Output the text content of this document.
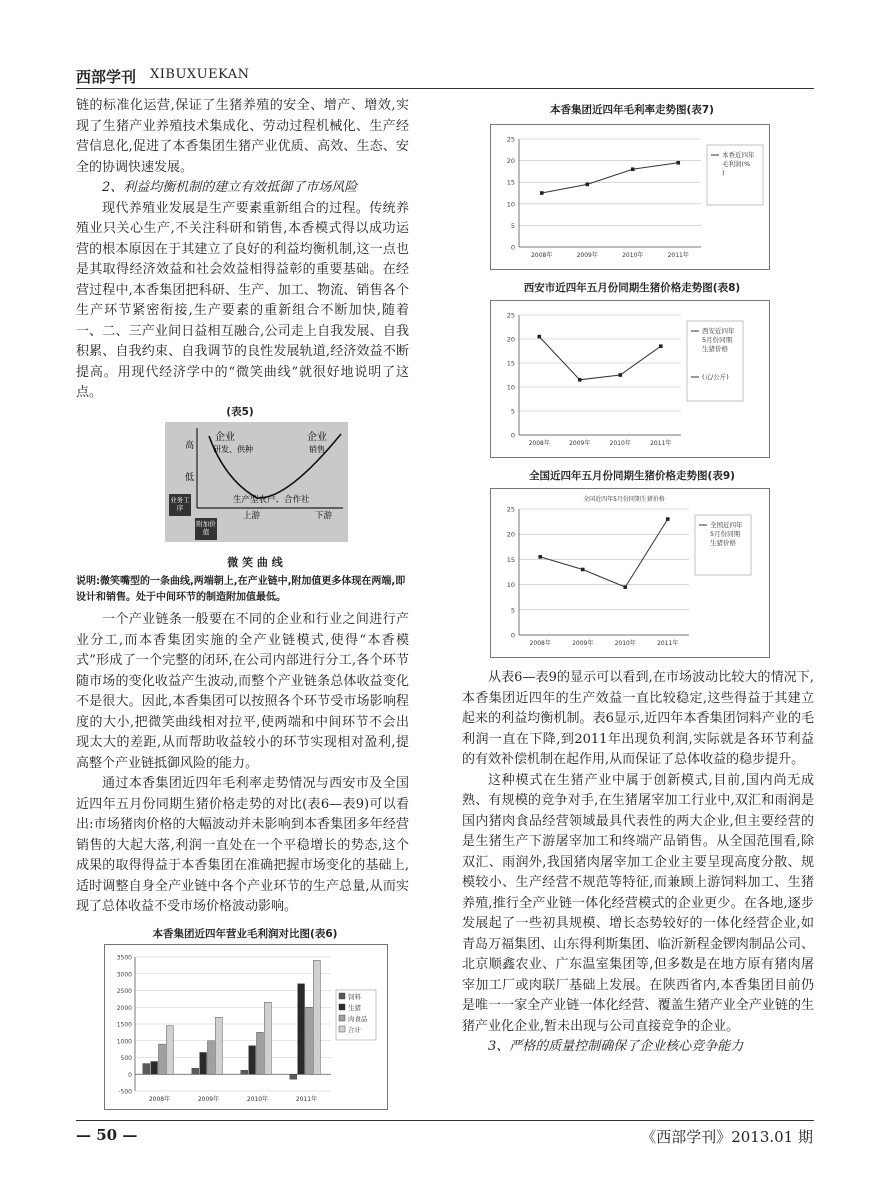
西部学刊 XIBUXUEKAN

链的标准化运营,保证了生猪养殖的安全、增产、增效,实现了生猪产业养殖技术集成化、劳动过程机械化、生产经营信息化,促进了本香集团生猪产业优质、高效、生态、安全的协调快速发展。

2、利益均衡机制的建立有效抵御了市场风险

现代养殖业发展是生产要素重新组合的过程。传统养殖业只关心生产,不关注科研和销售,本香模式得以成功运营的根本原因在于其建立了良好的利益均衡机制,这一点也是其取得经济效益和社会效益相得益彰的重要基础。在经营过程中,本香集团把科研、生产、加工、物流、销售各个生产环节紧密衔接,生产要素的重新组合不断加快,随着一、二、三产业间日益相互融合,公司走上自我发展、自我积累、自我约束、自我调节的良性发展轨道,经济效益不断提高。用现代经济学中的“微笑曲线”就很好地说明了这点。

(表5)
高
低
企业
研发、供种
企业
销售
生产型农户、合作社
上游	下游
业务工序
附加价值
微 笑 曲 线
说明:微笑嘴型的一条曲线,两端朝上,在产业链中,附加值更多体现在两端,即设计和销售。处于中间环节的制造附加值最低。

一个产业链条一般要在不同的企业和行业之间进行产业分工,而本香集团实施的全产业链模式,使得“本香模式”形成了一个完整的闭环,在公司内部进行分工,各个环节随市场的变化收益产生波动,而整个产业链条总体收益变化不是很大。因此,本香集团可以按照各个环节受市场影响程度的大小,把微笑曲线相对拉平,使两端和中间环节不会出现太大的差距,从而帮助收益较小的环节实现相对盈利,提高整个产业链抵御风险的能力。

通过本香集团近四年毛利率走势情况与西安市及全国近四年五月份同期生猪价格走势的对比(表6—表9)可以看出:市场猪肉价格的大幅波动并未影响到本香集团多年经营销售的大起大落,利润一直处在一个平稳增长的势态,这个成果的取得得益于本香集团在准确把握市场变化的基础上,适时调整自身全产业链中各个产业环节的生产总量,从而实现了总体收益不受市场价格波动影响。

本香集团近四年营业毛利润对比图(表6)
-500
0
500
1000
1500
2000
2500
3000
3500
2008年	2009年	2010年	2011年
饲料
生猪
肉食品
合计
本香集团近四年毛利率走势图(表7)
0
5
10
15
20
25
2008年	2009年	2010年	2011年
本香近四年
毛利润(%
)
西安市近四年五月份同期生猪价格走势图(表8)
0
5
10
15
20
25
2008年	2009年	2010年	2011年
西安近四年
5月份同期
生猪价格
(元/公斤)
全国近四年五月份同期生猪价格走势图(表9)
0
5
10
15
20
25
2008年	2009年	2010年	2011年
全国近四年
5月份同期
生猪价格
全国近四年5月份同期生猪价格

从表6—表9的显示可以看到,在市场波动比较大的情况下,本香集团近四年的生产效益一直比较稳定,这些得益于其建立起来的利益均衡机制。表6显示,近四年本香集团饲料产业的毛利润一直在下降,到2011年出现负利润,实际就是各环节利益的有效补偿机制在起作用,从而保证了总体收益的稳步提升。

这种模式在生猪产业中属于创新模式,目前,国内尚无成熟、有规模的竞争对手,在生猪屠宰加工行业中,双汇和雨润是国内猪肉食品经营领域最具代表性的两大企业,但主要经营的是生猪生产下游屠宰加工和终端产品销售。从全国范围看,除双汇、雨润外,我国猪肉屠宰加工企业主要呈现高度分散、规模较小、生产经营不规范等特征,而兼顾上游饲料加工、生猪养殖,推行全产业链一体化经营模式的企业更少。在各地,逐步发展起了一些初具规模、增长态势较好的一体化经营企业,如青岛万福集团、山东得利斯集团、临沂新程金锣肉制品公司、北京顺鑫农业、广东温室集团等,但多数是在地方原有猪肉屠宰加工厂或肉联厂基础上发展。在陕西省内,本香集团目前仍是唯一一家全产业链一体化经营、覆盖生猪产业全产业链的生猪产业化企业,暂未出现与公司直接竞争的企业。

3、严格的质量控制确保了企业核心竞争能力

— 50 —	《西部学刊》2013.01 期
